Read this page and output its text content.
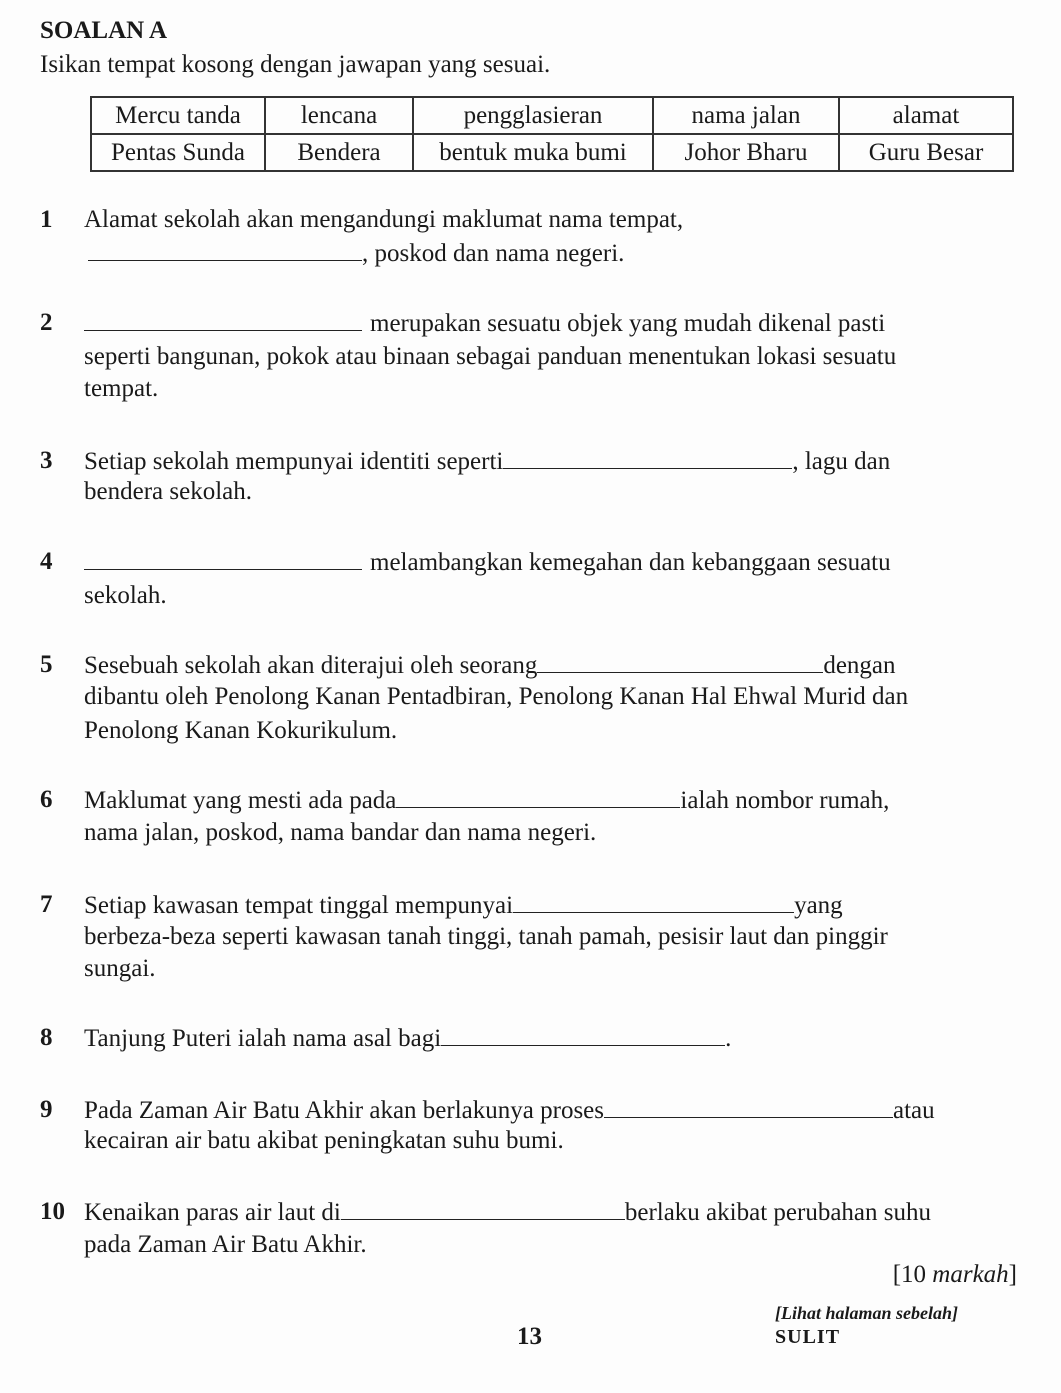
SOALAN A
Isikan tempat kosong dengan jawapan yang sesuai.
Mercu tanda	lencana	pengglasieran	nama jalan	alamat
Pentas Sunda	Bendera	bentuk muka bumi	Johor Bharu	Guru Besar
1 Alamat sekolah akan mengandungi maklumat nama tempat,
, poskod dan nama negeri.
2	merupakan sesuatu objek yang mudah dikenal pasti
seperti bangunan, pokok atau binaan sebagai panduan menentukan lokasi sesuatu
tempat.
3 Setiap sekolah mempunyai identiti seperti	, lagu dan
bendera sekolah.
4	melambangkan kemegahan dan kebanggaan sesuatu
sekolah.
5 Sesebuah sekolah akan diterajui oleh seorang	dengan
dibantu oleh Penolong Kanan Pentadbiran, Penolong Kanan Hal Ehwal Murid dan
Penolong Kanan Kokurikulum.
6 Maklumat yang mesti ada pada	ialah nombor rumah,
nama jalan, poskod, nama bandar dan nama negeri.
7 Setiap kawasan tempat tinggal mempunyai	yang
berbeza-beza seperti kawasan tanah tinggi, tanah pamah, pesisir laut dan pinggir
sungai.
8 Tanjung Puteri ialah nama asal bagi	.
9 Pada Zaman Air Batu Akhir akan berlakunya proses	atau
kecairan air batu akibat peningkatan suhu bumi.
10 Kenaikan paras air laut di	berlaku akibat perubahan suhu
pada Zaman Air Batu Akhir.
[10 markah]
[Lihat halaman sebelah]
13	SULIT
